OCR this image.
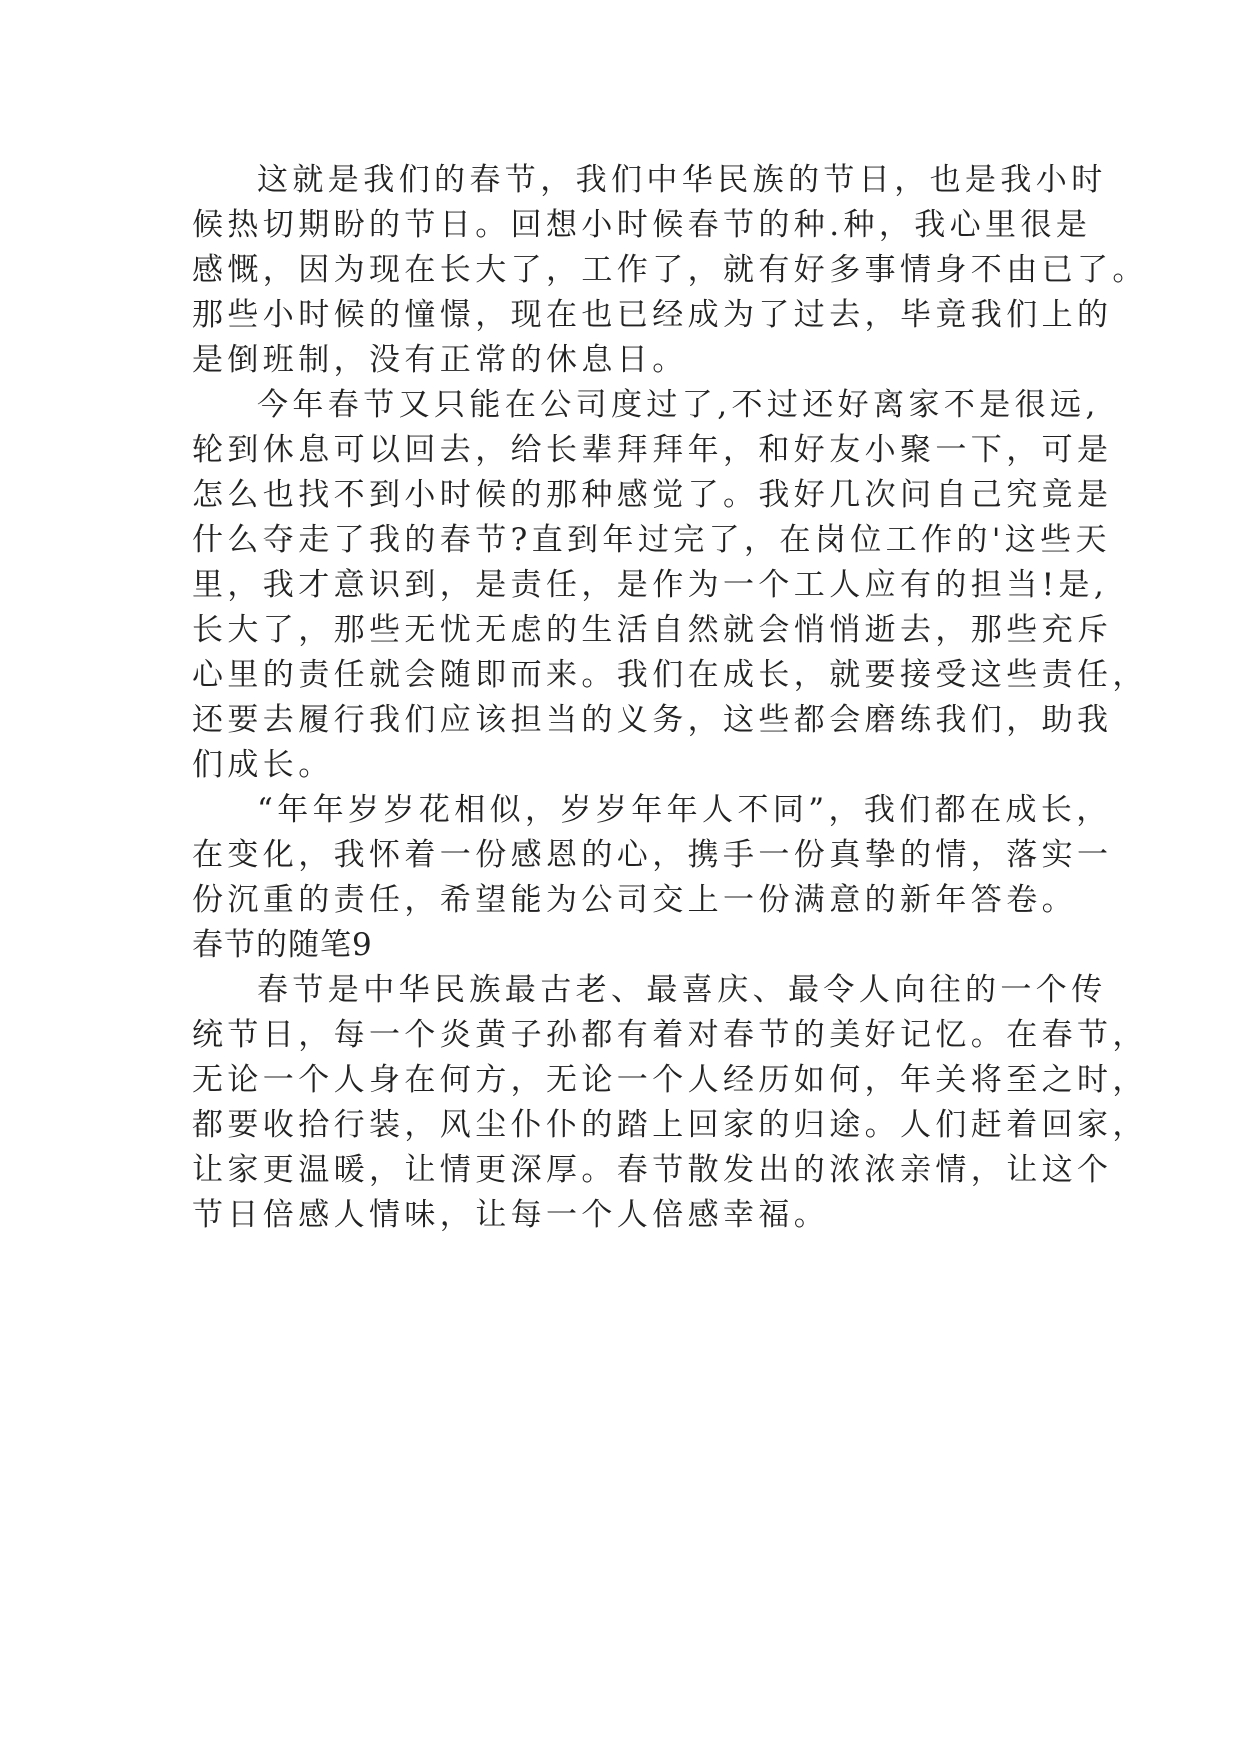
这就是我们的春节，我们中华民族的节日，也是我小时
候热切期盼的节日。回想小时候春节的种.种，我心里很是
感慨，因为现在长大了，工作了，就有好多事情身不由已了。
那些小时候的憧憬，现在也已经成为了过去，毕竟我们上的
是倒班制，没有正常的休息日。
今年春节又只能在公司度过了,不过还好离家不是很远,
轮到休息可以回去，给长辈拜拜年，和好友小聚一下，可是
怎么也找不到小时候的那种感觉了。我好几次问自己究竟是
什么夺走了我的春节?直到年过完了，在岗位工作的'这些天
里，我才意识到，是责任，是作为一个工人应有的担当!是,
长大了，那些无忧无虑的生活自然就会悄悄逝去，那些充斥
心里的责任就会随即而来。我们在成长，就要接受这些责任，
还要去履行我们应该担当的义务，这些都会磨练我们，助我
们成长。
“年年岁岁花相似，岁岁年年人不同”，我们都在成长，
在变化，我怀着一份感恩的心，携手一份真挚的情，落实一
份沉重的责任，希望能为公司交上一份满意的新年答卷。
春节的随笔9
春节是中华民族最古老、最喜庆、最令人向往的一个传
统节日，每一个炎黄子孙都有着对春节的美好记忆。在春节，
无论一个人身在何方，无论一个人经历如何，年关将至之时，
都要收拾行装，风尘仆仆的踏上回家的归途。人们赶着回家，
让家更温暖，让情更深厚。春节散发出的浓浓亲情，让这个
节日倍感人情味，让每一个人倍感幸福。
